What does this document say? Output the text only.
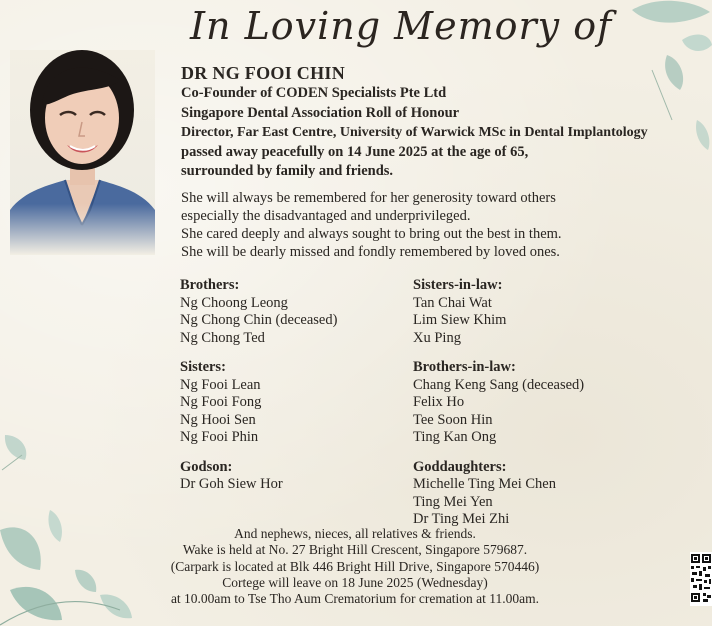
In Loving Memory of
DR NG FOOI CHIN
Co-Founder of CODEN Specialists Pte Ltd
Singapore Dental Association Roll of Honour
Director, Far East Centre, University of Warwick MSc in Dental Implantology
passed away peacefully on 14 June 2025 at the age of 65,
surrounded by family and friends.
She will always be remembered for her generosity toward others
especially the disadvantaged and underprivileged.
She cared deeply and always sought to bring out the best in them.
She will be dearly missed and fondly remembered by loved ones.
Brothers:
Ng Choong Leong
Ng Chong Chin (deceased)
Ng Chong Ted
Sisters:
Ng Fooi Lean
Ng Fooi Fong
Ng Hooi Sen
Ng Fooi Phin
Godson:
Dr Goh Siew Hor
Sisters-in-law:
Tan Chai Wat
Lim Siew Khim
Xu Ping
Brothers-in-law:
Chang Keng Sang (deceased)
Felix Ho
Tee Soon Hin
Ting Kan Ong
Goddaughters:
Michelle Ting Mei Chen
Ting Mei Yen
Dr Ting Mei Zhi
And nephews, nieces, all relatives & friends.
Wake is held at No. 27 Bright Hill Crescent, Singapore 579687.
(Carpark is located at Blk 446 Bright Hill Drive, Singapore 570446)
Cortege will leave on 18 June 2025 (Wednesday)
at 10.00am to Tse Tho Aum Crematorium for cremation at 11.00am.
